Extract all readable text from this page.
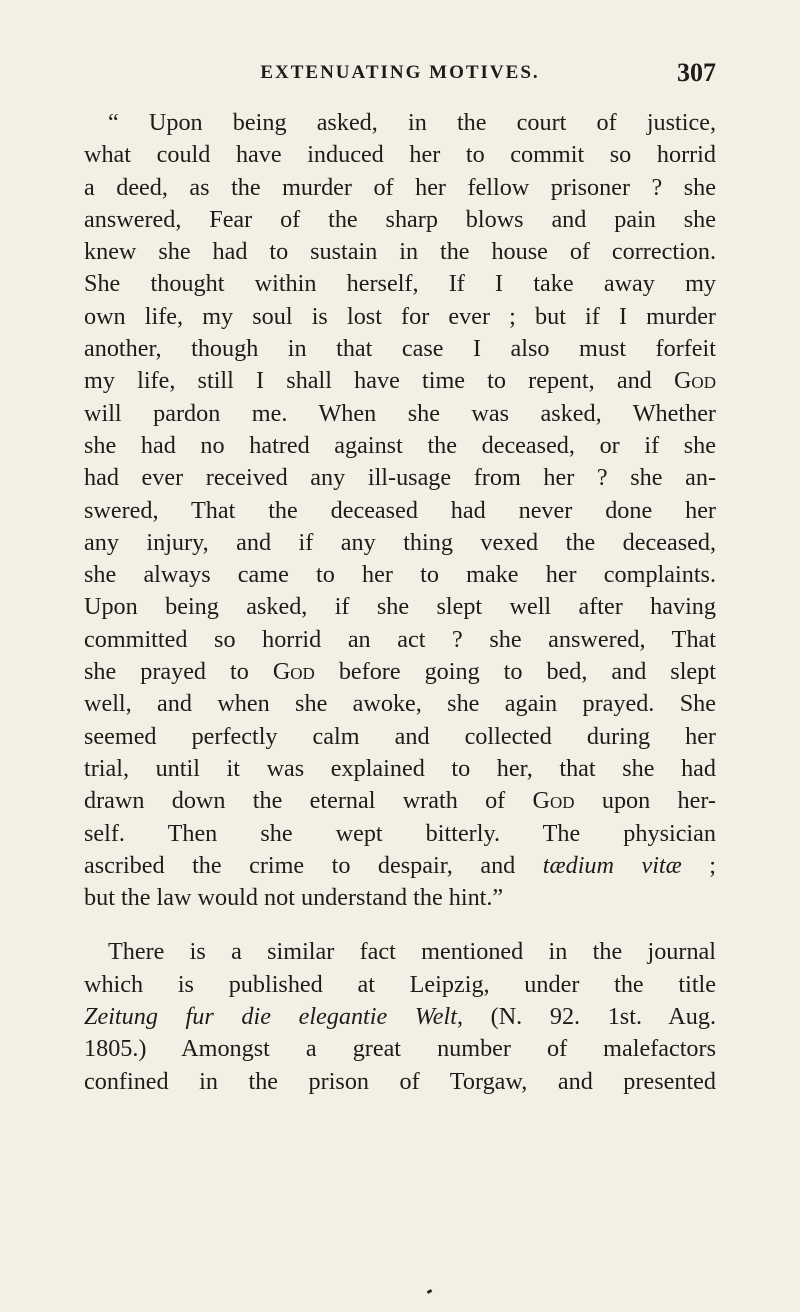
EXTENUATING MOTIVES.	307
“ Upon being asked, in the court of justice,
what could have induced her to commit so horrid
a deed, as the murder of her fellow prisoner ? she
answered, Fear of the sharp blows and pain she
knew she had to sustain in the house of correction.
She thought within herself, If I take away my
own life, my soul is lost for ever ; but if I murder
another, though in that case I also must forfeit
my life, still I shall have time to repent, and God
will pardon me. When she was asked, Whether
she had no hatred against the deceased, or if she
had ever received any ill-usage from her ? she an-
swered, That the deceased had never done her
any injury, and if any thing vexed the deceased,
she always came to her to make her complaints.
Upon being asked, if she slept well after having
committed so horrid an act ? she answered, That
she prayed to God before going to bed, and slept
well, and when she awoke, she again prayed. She
seemed perfectly calm and collected during her
trial, until it was explained to her, that she had
drawn down the eternal wrath of God upon her-
self. Then she wept bitterly. The physician
ascribed the crime to despair, and tædium vitæ ;
but the law would not understand the hint.”
There is a similar fact mentioned in the journal
which is published at Leipzig, under the title
Zeitung fur die elegantie Welt, (N. 92. 1st. Aug.
1805.) Amongst a great number of malefactors
confined in the prison of Torgaw, and presented
